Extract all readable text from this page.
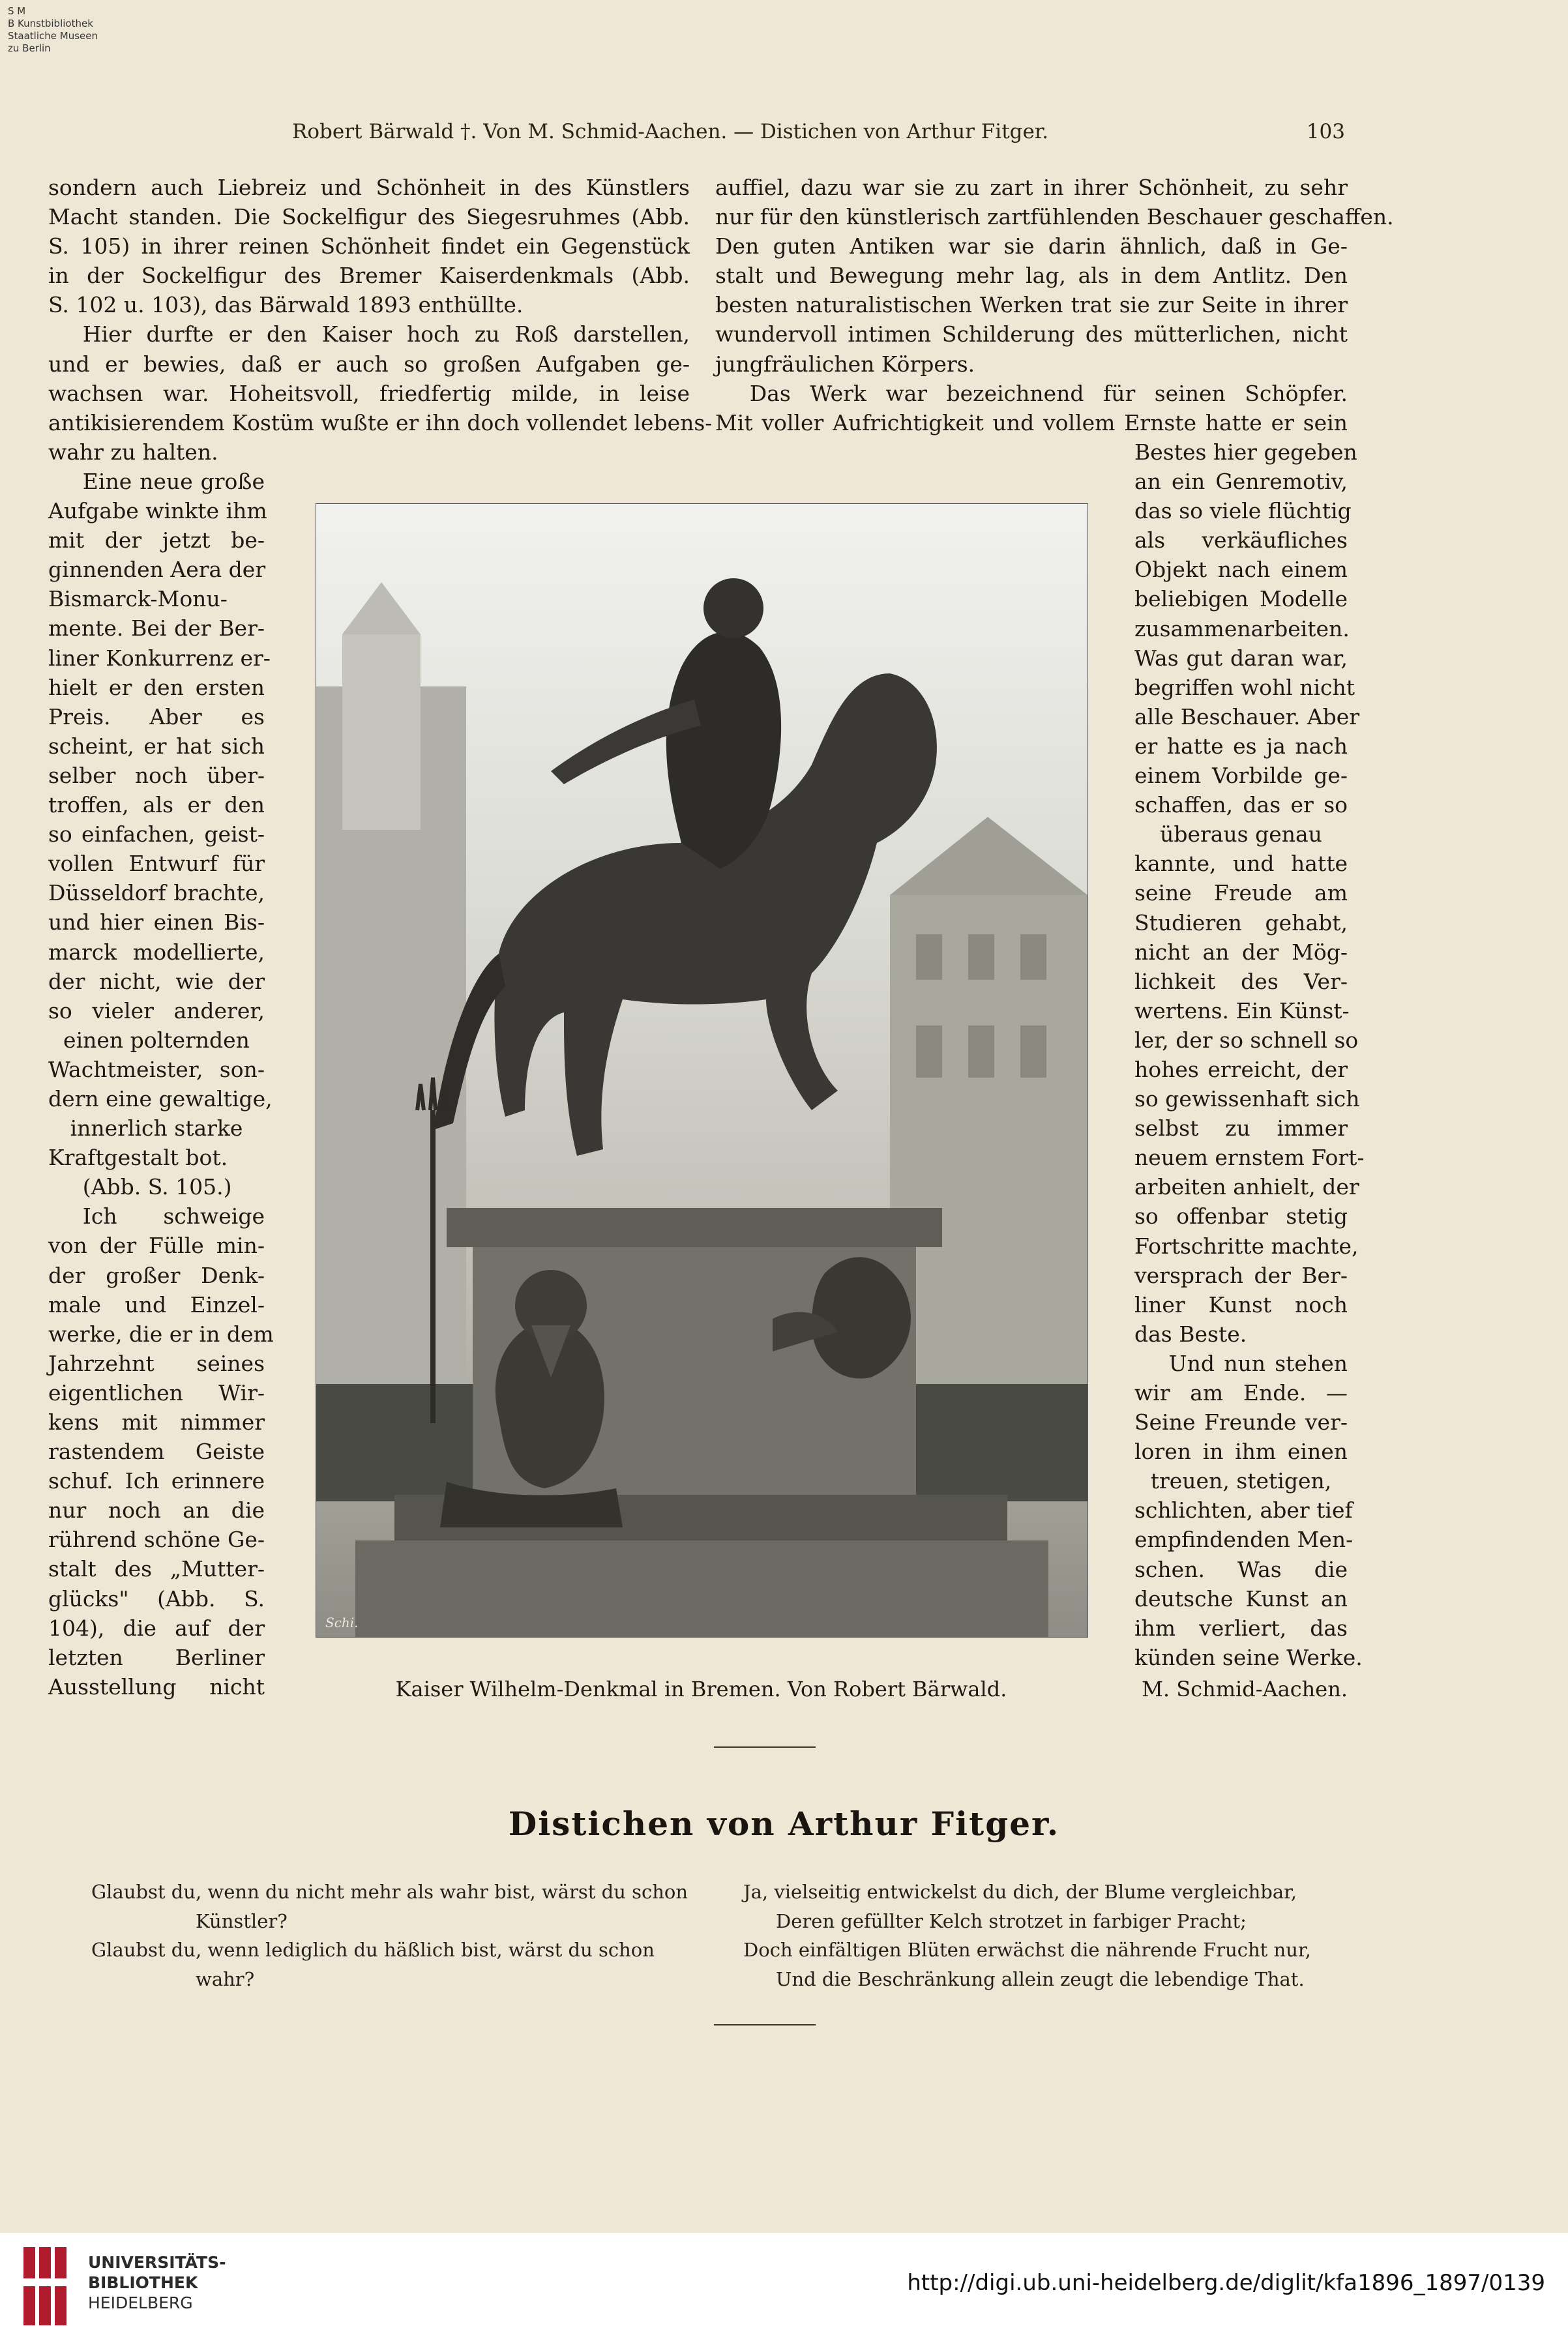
S M
B Kunstbibliothek
Staatliche Museen
zu Berlin
Robert Bärwald †. Von M. Schmid-Aachen. — Distichen von Arthur Fitger.	103

sondern auch Liebreiz und Schönheit in des Künstlers

Macht standen. Die Sockelfigur des Siegesruhmes (Abb.

S. 105) in ihrer reinen Schönheit findet ein Gegenstück

in der Sockelfigur des Bremer Kaiserdenkmals (Abb.

S. 102 u. 103), das Bärwald 1893 enthüllte.

Hier durfte er den Kaiser hoch zu Roß darstellen,

und er bewies, daß er auch so großen Aufgaben ge-

wachsen war. Hoheitsvoll, friedfertig milde, in leise

antikisierendem Kostüm wußte er ihn doch vollendet lebens-

wahr zu halten.

Eine neue große

Aufgabe winkte ihm

mit der jetzt be-

ginnenden Aera der

Bismarck-Monu-

mente. Bei der Ber-

liner Konkurrenz er-

hielt er den ersten

Preis. Aber es

scheint, er hat sich

selber noch über-

troffen, als er den

so einfachen, geist-

vollen Entwurf für

Düsseldorf brachte,

und hier einen Bis-

marck modellierte,

der nicht, wie der

so vieler anderer,

einen polternden

Wachtmeister, son-

dern eine gewaltige,

innerlich starke

Kraftgestalt bot.

(Abb. S. 105.)

Ich schweige

von der Fülle min-

der großer Denk-

male und Einzel-

werke, die er in dem

Jahrzehnt seines

eigentlichen Wir-

kens mit nimmer

rastendem Geiste

schuf. Ich erinnere

nur noch an die

rührend schöne Ge-

stalt des „Mutter-

glücks" (Abb. S.

104), die auf der

letzten Berliner

Ausstellung nicht

auffiel, dazu war sie zu zart in ihrer Schönheit, zu sehr

nur für den künstlerisch zartfühlenden Beschauer geschaffen.

Den guten Antiken war sie darin ähnlich, daß in Ge-

stalt und Bewegung mehr lag, als in dem Antlitz. Den

besten naturalistischen Werken trat sie zur Seite in ihrer

wundervoll intimen Schilderung des mütterlichen, nicht

jungfräulichen Körpers.

Das Werk war bezeichnend für seinen Schöpfer.

Mit voller Aufrichtigkeit und vollem Ernste hatte er sein

Bestes hier gegeben

an ein Genremotiv,

das so viele flüchtig

als verkäufliches

Objekt nach einem

beliebigen Modelle

zusammenarbeiten.

Was gut daran war,

begriffen wohl nicht

alle Beschauer. Aber

er hatte es ja nach

einem Vorbilde ge-

schaffen, das er so

überaus genau

kannte, und hatte

seine Freude am

Studieren gehabt,

nicht an der Mög-

lichkeit des Ver-

wertens. Ein Künst-

ler, der so schnell so

hohes erreicht, der

so gewissenhaft sich

selbst zu immer

neuem ernstem Fort-

arbeiten anhielt, der

so offenbar stetig

Fortschritte machte,

versprach der Ber-

liner Kunst noch

das Beste.

Und nun stehen

wir am Ende. —

Seine Freunde ver-

loren in ihm einen

treuen, stetigen,

schlichten, aber tief

empfindenden Men-

schen. Was die

deutsche Kunst an

ihm verliert, das

künden seine Werke.

Schi.
Kaiser Wilhelm-Denkmal in Bremen. Von Robert Bärwald.	M. Schmid-Aachen.
Distichen von Arthur Fitger.

Glaubst du, wenn du nicht mehr als wahr bist, wärst du schon

Künstler?

Glaubst du, wenn lediglich du häßlich bist, wärst du schon

wahr?

Ja, vielseitig entwickelst du dich, der Blume vergleichbar,

Deren gefüllter Kelch strotzet in farbiger Pracht;

Doch einfältigen Blüten erwächst die nährende Frucht nur,

Und die Beschränkung allein zeugt die lebendige That.

UNIVERSITÄTS-
BIBLIOTHEK
HEIDELBERG
http://digi.ub.uni-heidelberg.de/diglit/kfa1896_1897/0139
